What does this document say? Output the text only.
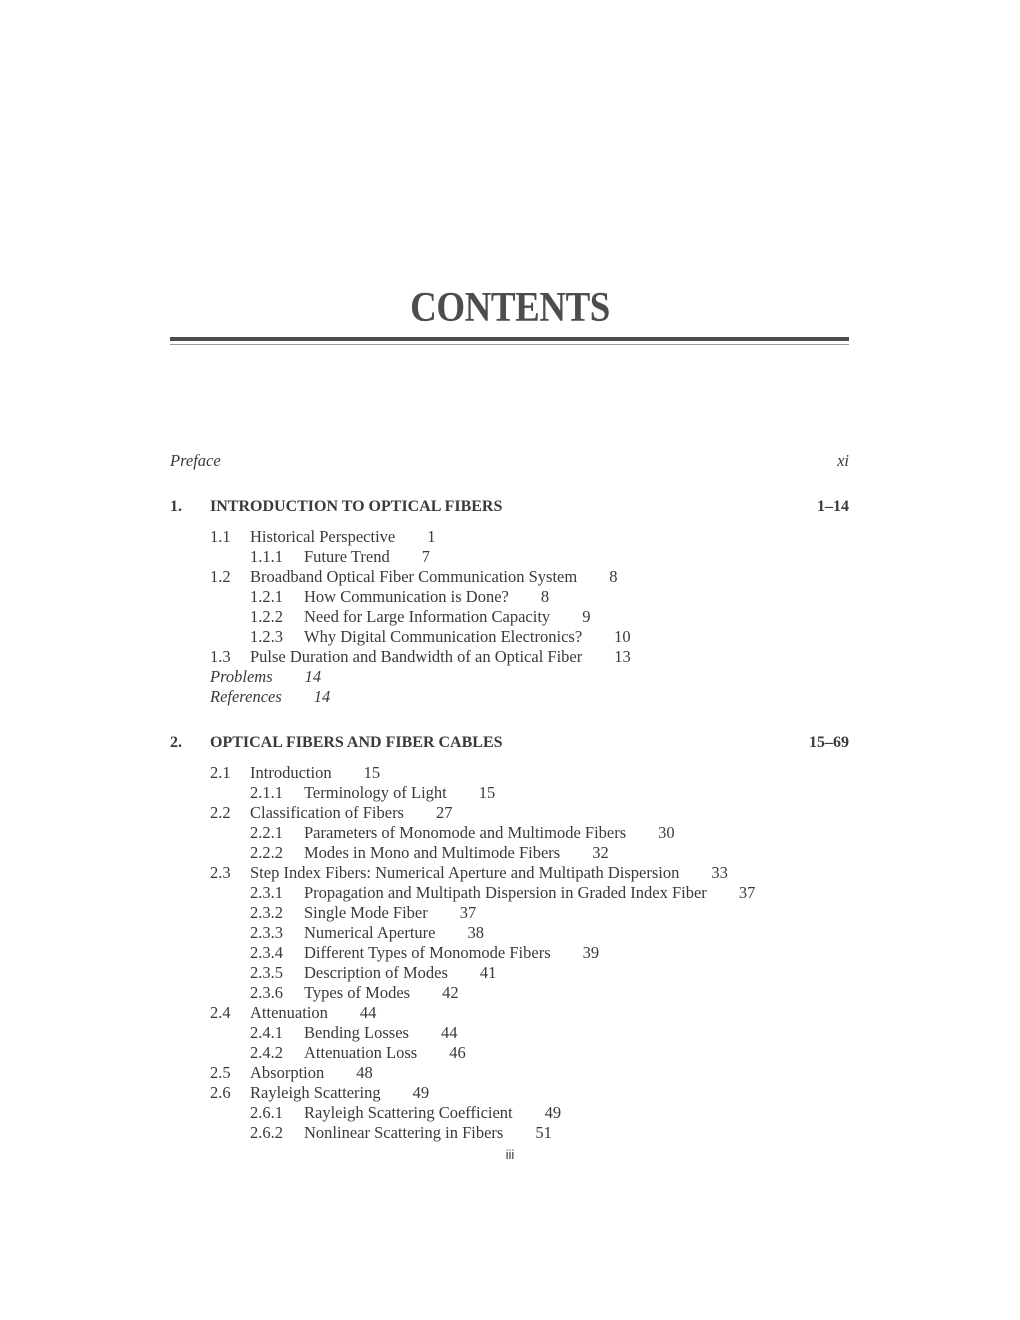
CONTENTS
Preface	xi
1. INTRODUCTION TO OPTICAL FIBERS	1–14
1.1 Historical Perspective 1
1.1.1 Future Trend 7
1.2 Broadband Optical Fiber Communication System 8
1.2.1 How Communication is Done? 8
1.2.2 Need for Large Information Capacity 9
1.2.3 Why Digital Communication Electronics? 10
1.3 Pulse Duration and Bandwidth of an Optical Fiber 13
Problems 14
References 14
2. OPTICAL FIBERS AND FIBER CABLES	15–69
2.1 Introduction 15
2.1.1 Terminology of Light 15
2.2 Classification of Fibers 27
2.2.1 Parameters of Monomode and Multimode Fibers 30
2.2.2 Modes in Mono and Multimode Fibers 32
2.3 Step Index Fibers: Numerical Aperture and Multipath Dispersion 33
2.3.1 Propagation and Multipath Dispersion in Graded Index Fiber 37
2.3.2 Single Mode Fiber 37
2.3.3 Numerical Aperture 38
2.3.4 Different Types of Monomode Fibers 39
2.3.5 Description of Modes 41
2.3.6 Types of Modes 42
2.4 Attenuation 44
2.4.1 Bending Losses 44
2.4.2 Attenuation Loss 46
2.5 Absorption 48
2.6 Rayleigh Scattering 49
2.6.1 Rayleigh Scattering Coefficient 49
2.6.2 Nonlinear Scattering in Fibers 51
iii
